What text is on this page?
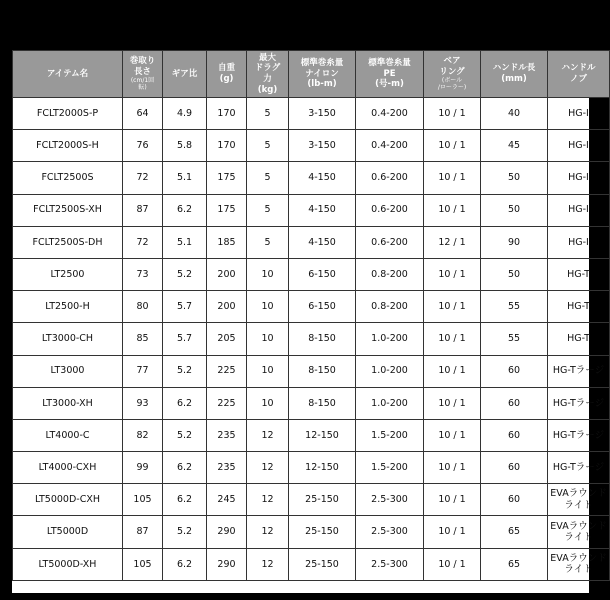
アイテム名	巻取り
長さ
(cm/1回
転)	ギア比	自重
(g)	最大
ドラグ
力
(kg)	標準巻糸量
ナイロン
(lb-m)	標準巻糸量
PE
(号-m)	ベア
リング
(ボール
/ローラー)	ハンドル長
(mm)	ハンドル
ノブ
FCLT2000S-P	64	4.9	170	5	3-150	0.4-200	10 / 1	40	HG-I
FCLT2000S-H	76	5.8	170	5	3-150	0.4-200	10 / 1	45	HG-I
FCLT2500S	72	5.1	175	5	4-150	0.6-200	10 / 1	50	HG-I
FCLT2500S-XH	87	6.2	175	5	4-150	0.6-200	10 / 1	50	HG-I
FCLT2500S-DH	72	5.1	185	5	4-150	0.6-200	12 / 1	90	HG-I
LT2500	73	5.2	200	10	6-150	0.8-200	10 / 1	50	HG-T
LT2500-H	80	5.7	200	10	6-150	0.8-200	10 / 1	55	HG-T
LT3000-CH	85	5.7	205	10	8-150	1.0-200	10 / 1	55	HG-T
LT3000	77	5.2	225	10	8-150	1.0-200	10 / 1	60	HG-Tラージ
LT3000-XH	93	6.2	225	10	8-150	1.0-200	10 / 1	60	HG-Tラージ
LT4000-C	82	5.2	235	12	12-150	1.5-200	10 / 1	60	HG-Tラージ
LT4000-CXH	99	6.2	235	12	12-150	1.5-200	10 / 1	60	HG-Tラージ
LT5000D-CXH	105	6.2	245	12	25-150	2.5-300	10 / 1	60	EVAラウンド
ライト
LT5000D	87	5.2	290	12	25-150	2.5-300	10 / 1	65	EVAラウンド
ライト
LT5000D-XH	105	6.2	290	12	25-150	2.5-300	10 / 1	65	EVAラウンド
ライト
